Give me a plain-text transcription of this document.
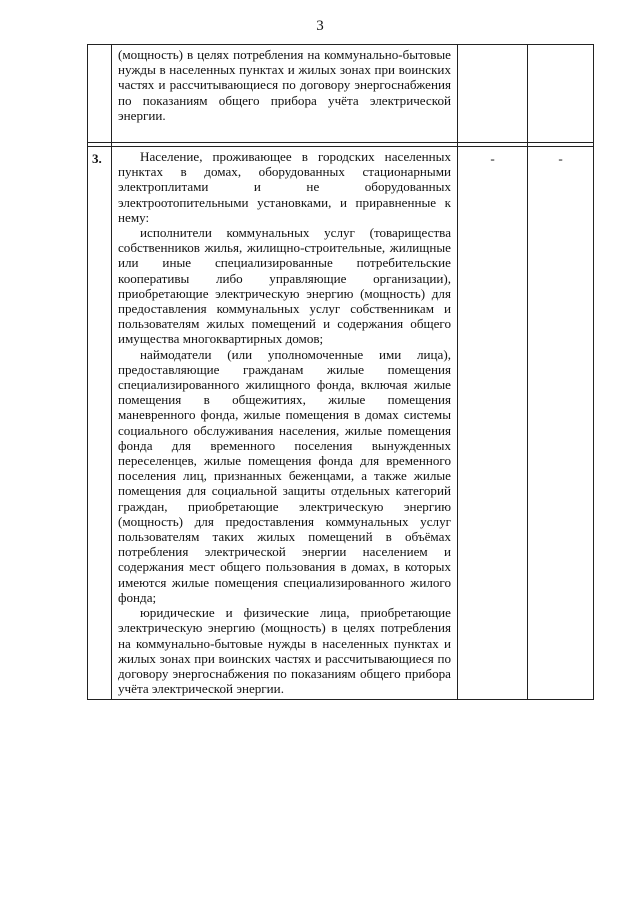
3

	(мощность) в целях потребления на коммунально-бытовые нужды в населенных пунктах и жилых зонах при воинских частях и рассчитывающиеся по договору энергоснабжения по показаниям общего прибора учёта электрической энергии.		

3.	Население, проживающее в городских населенных пунктах в домах, оборудованных стационарными электроплитами и не оборудованных электроотопительными установками, и приравненные к нему:

исполнители коммунальных услуг (товарищества собственников жилья, жилищно-строительные, жилищные или иные специализированные потребительские кооперативы либо управляющие организации), приобретающие электрическую энергию (мощность) для предоставления коммунальных услуг собственникам и пользователям жилых помещений и содержания общего имущества многоквартирных домов;

наймодатели (или уполномоченные ими лица), предоставляющие гражданам жилые помещения специализированного жилищного фонда, включая жилые помещения в общежитиях, жилые помещения маневренного фонда, жилые помещения в домах системы социального обслуживания населения, жилые помещения фонда для временного поселения вынужденных переселенцев, жилые помещения фонда для временного поселения лиц, признанных беженцами, а также жилые помещения для социальной защиты отдельных категорий граждан, приобретающие электрическую энергию (мощность) для предоставления коммунальных услуг пользователям таких жилых помещений в объёмах потребления электрической энергии населением и содержания мест общего пользования в домах, в которых имеются жилые помещения специализированного жилого фонда;

юридические и физические лица, приобретающие электрическую энергию (мощность) в целях потребления на коммунально-бытовые нужды в населенных пунктах и жилых зонах при воинских частях и рассчитывающиеся по договору энергоснабжения по показаниям общего прибора учёта электрической энергии.	-	-
